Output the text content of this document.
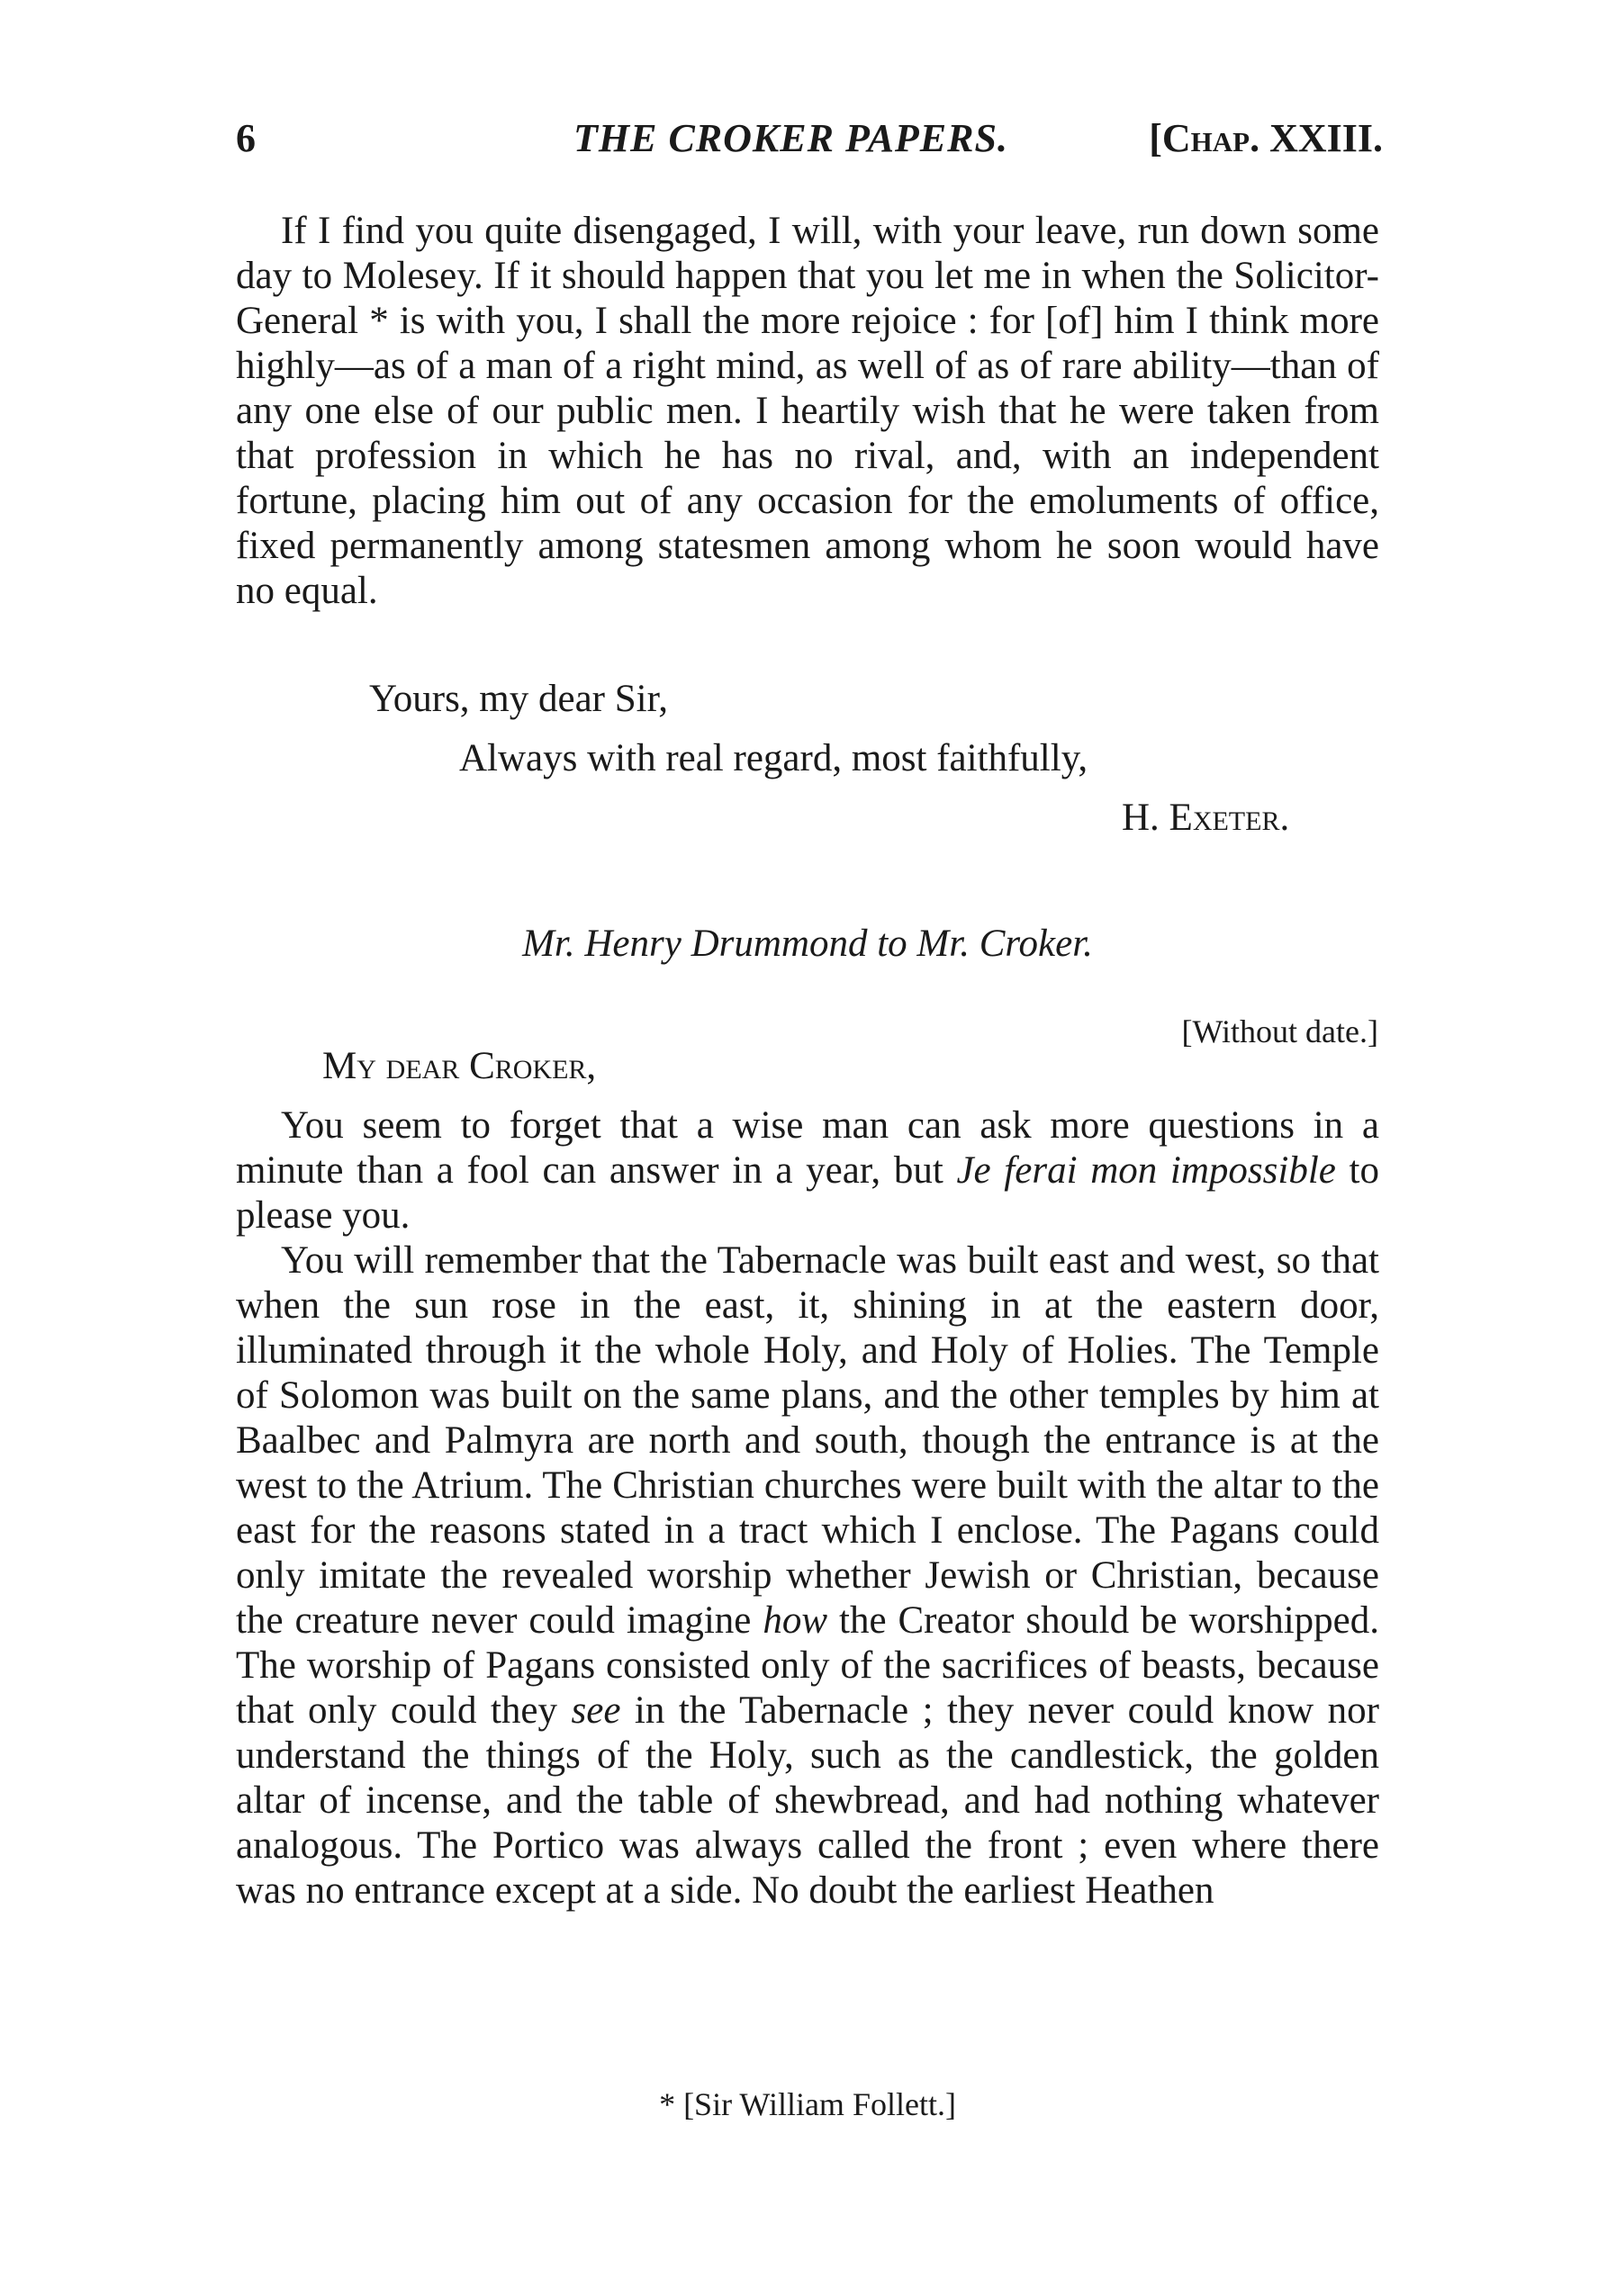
6	THE CROKER PAPERS.	[Chap. XXIII.
If I find you quite disengaged, I will, with your leave, run down some day to Molesey. If it should happen that you let me in when the Solicitor-General * is with you, I shall the more rejoice : for [of] him I think more highly—as of a man of a right mind, as well of as of rare ability—than of any one else of our public men. I heartily wish that he were taken from that profession in which he has no rival, and, with an independent fortune, placing him out of any occasion for the emoluments of office, fixed permanently among statesmen among whom he soon would have no equal.
Yours, my dear Sir,
Always with real regard, most faithfully,
H. Exeter.
Mr. Henry Drummond to Mr. Croker.
[Without date.]
My dear Croker,
You seem to forget that a wise man can ask more questions in a minute than a fool can answer in a year, but Je ferai mon impossible to please you.
You will remember that the Tabernacle was built east and west, so that when the sun rose in the east, it, shining in at the eastern door, illuminated through it the whole Holy, and Holy of Holies. The Temple of Solomon was built on the same plans, and the other temples by him at Baalbec and Palmyra are north and south, though the entrance is at the west to the Atrium. The Christian churches were built with the altar to the east for the reasons stated in a tract which I enclose. The Pagans could only imitate the revealed worship whether Jewish or Christian, because the creature never could imagine how the Creator should be worshipped. The worship of Pagans consisted only of the sacrifices of beasts, because that only could they see in the Tabernacle ; they never could know nor understand the things of the Holy, such as the candlestick, the golden altar of incense, and the table of shewbread, and had nothing whatever analogous. The Portico was always called the front ; even where there was no entrance except at a side. No doubt the earliest Heathen
* [Sir William Follett.]
